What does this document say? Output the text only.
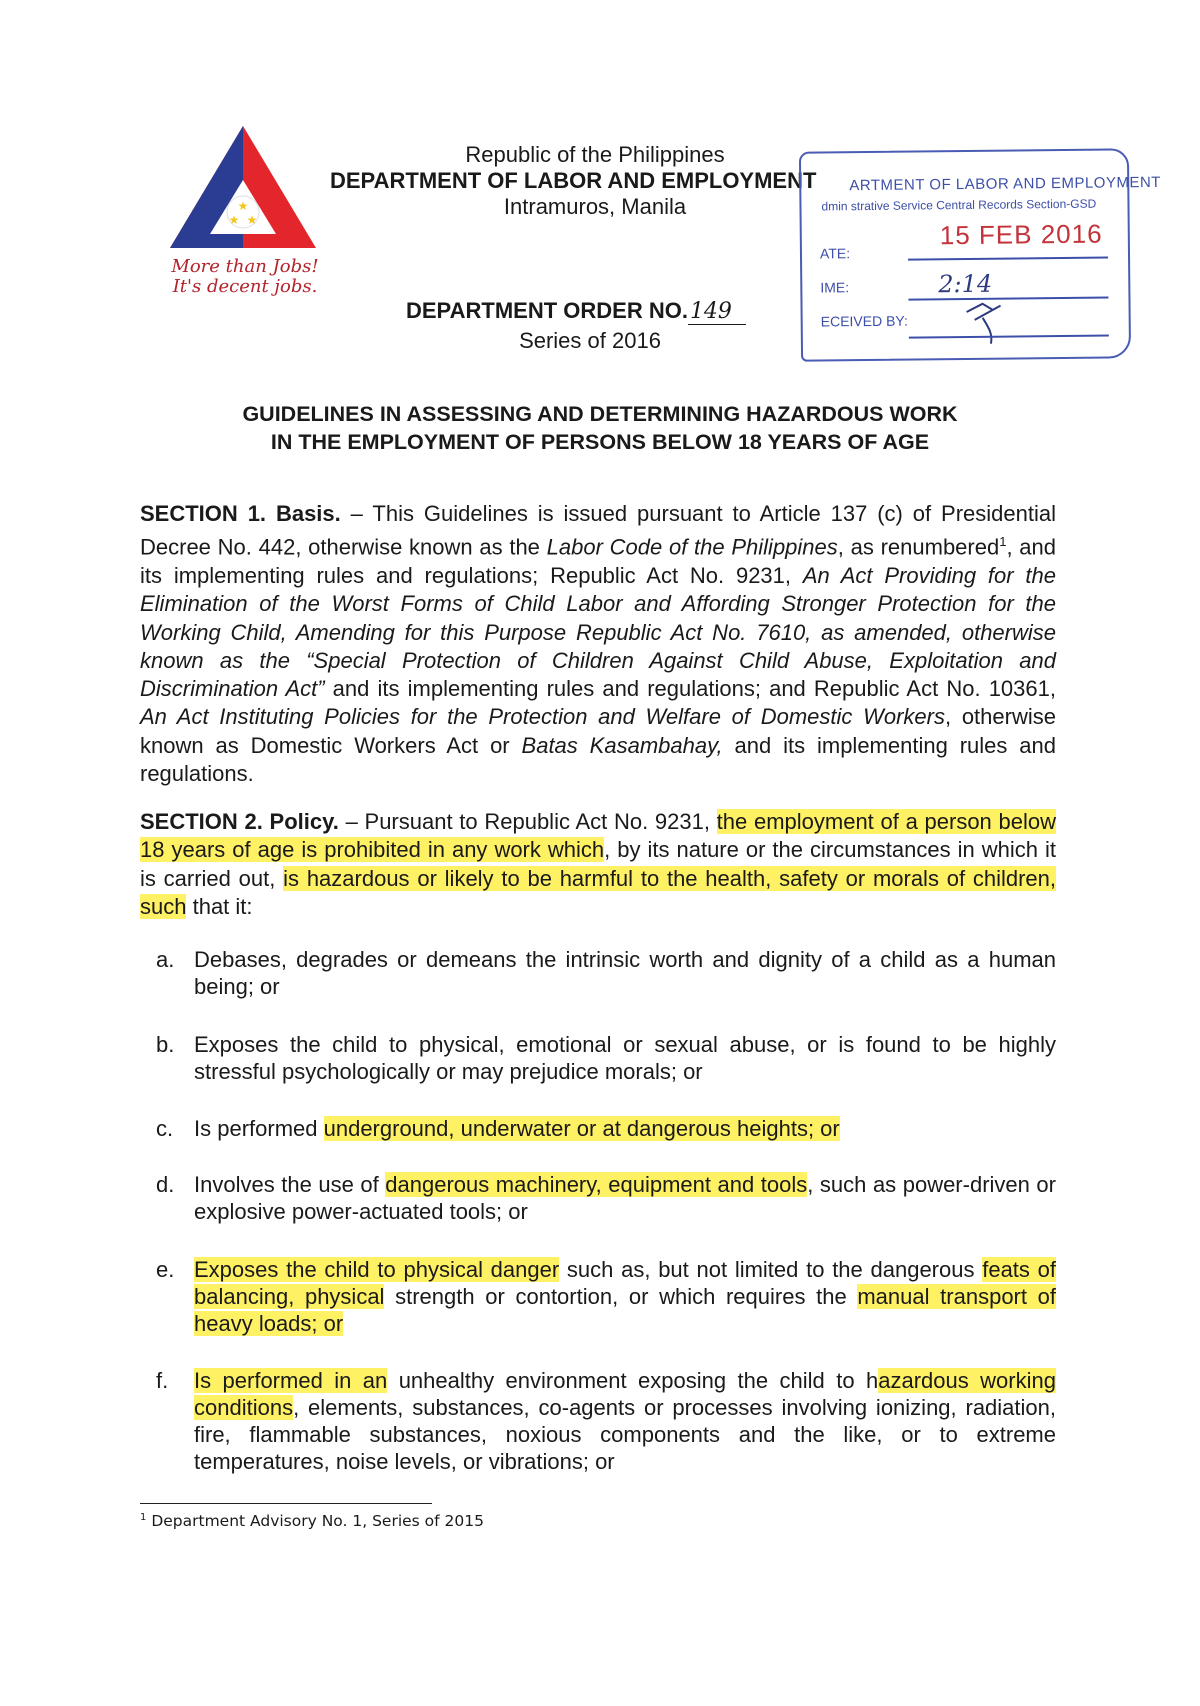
★
★ ★
More than Jobs!
It's decent jobs.
Republic of the Philippines
DEPARTMENT OF LABOR AND EMPLOYMENT
Intramuros, Manila
ARTMENT OF LABOR AND EMPLOYMENT
dmin strative Service Central Records Section-GSD
15 FEB 2016
ATE:
IME:	2:14
ECEIVED BY:
DEPARTMENT ORDER NO.149
Series of 2016
GUIDELINES IN ASSESSING AND DETERMINING HAZARDOUS WORK
IN THE EMPLOYMENT OF PERSONS BELOW 18 YEARS OF AGE
SECTION 1. Basis. – This Guidelines is issued pursuant to Article 137 (c) of Presidential Decree No. 442, otherwise known as the Labor Code of the Philippines, as renumbered$^1$, and its implementing rules and regulations; Republic Act No. 9231, An Act Providing for the Elimination of the Worst Forms of Child Labor and Affording Stronger Protection for the Working Child, Amending for this Purpose Republic Act No. 7610, as amended, otherwise known as the “Special Protection of Children Against Child Abuse, Exploitation and Discrimination Act” and its implementing rules and regulations; and Republic Act No. 10361, An Act Instituting Policies for the Protection and Welfare of Domestic Workers, otherwise known as Domestic Workers Act or Batas Kasambahay, and its implementing rules and regulations.
SECTION 2. Policy. – Pursuant to Republic Act No. 9231, the employment of a person below 18 years of age is prohibited in any work which, by its nature or the circumstances in which it is carried out, is hazardous or likely to be harmful to the health, safety or morals of children, such that it:
a. Debases, degrades or demeans the intrinsic worth and dignity of a child as a human being; or
b. Exposes the child to physical, emotional or sexual abuse, or is found to be highly stressful psychologically or may prejudice morals; or
c. Is performed underground, underwater or at dangerous heights; or
d. Involves the use of dangerous machinery, equipment and tools, such as power-driven or explosive power-actuated tools; or
e. Exposes the child to physical danger such as, but not limited to the dangerous feats of balancing, physical strength or contortion, or which requires the manual transport of heavy loads; or
f.	Is performed in an unhealthy environment exposing the child to hazardous working conditions, elements, substances, co-agents or processes involving ionizing, radiation, fire, flammable substances, noxious components and the like, or to extreme temperatures, noise levels, or vibrations; or
$^1$ Department Advisory No. 1, Series of 2015
